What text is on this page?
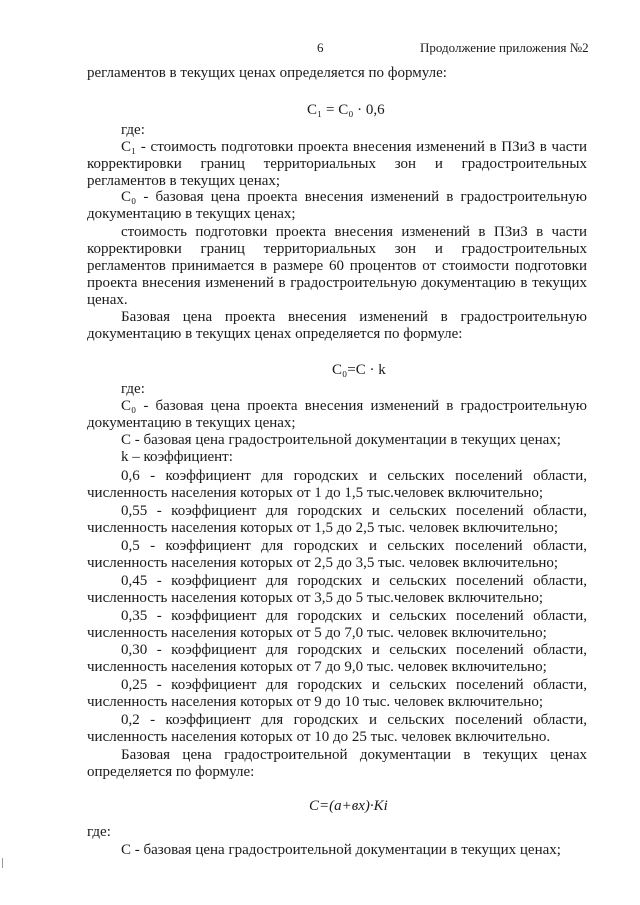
6	Продолжение приложения №2
регламентов в текущих ценах определяется по формуле:
С₁ = С₀ · 0,6
где:
С₁ - стоимость подготовки проекта внесения изменений в ПЗиЗ в части
корректировки границ территориальных зон и градостроительных
регламентов в текущих ценах;
С₀ - базовая цена проекта внесения изменений в градостроительную
документацию в текущих ценах;
стоимость подготовки проекта внесения изменений в ПЗиЗ в части
корректировки границ территориальных зон и градостроительных
регламентов принимается в размере 60 процентов от стоимости подготовки
проекта внесения изменений в градостроительную документацию в текущих
ценах.
Базовая цена проекта внесения изменений в градостроительную
документацию в текущих ценах определяется по формуле:
С₀=С · k
где:
С₀ - базовая цена проекта внесения изменений в градостроительную
документацию в текущих ценах;
С - базовая цена градостроительной документации в текущих ценах;
k – коэффициент:
0,6 - коэффициент для городских и сельских поселений области,
численность населения которых от 1 до 1,5 тыс.человек включительно;
0,55 - коэффициент для городских и сельских поселений области,
численность населения которых от 1,5 до 2,5 тыс. человек включительно;
0,5 - коэффициент для городских и сельских поселений области,
численность населения которых от 2,5 до 3,5 тыс. человек включительно;
0,45 - коэффициент для городских и сельских поселений области,
численность населения которых от 3,5 до 5 тыс.человек включительно;
0,35 - коэффициент для городских и сельских поселений области,
численность населения которых от 5 до 7,0 тыс. человек включительно;
0,30 - коэффициент для городских и сельских поселений области,
численность населения которых от 7 до 9,0 тыс. человек включительно;
0,25 - коэффициент для городских и сельских поселений области,
численность населения которых от 9 до 10 тыс. человек включительно;
0,2 - коэффициент для городских и сельских поселений области,
численность населения которых от 10 до 25 тыс. человек включительно.
Базовая цена градостроительной документации в текущих ценах
определяется по формуле:
С=(а+вх)·Кi
где:
С - базовая цена градостроительной документации в текущих ценах;
